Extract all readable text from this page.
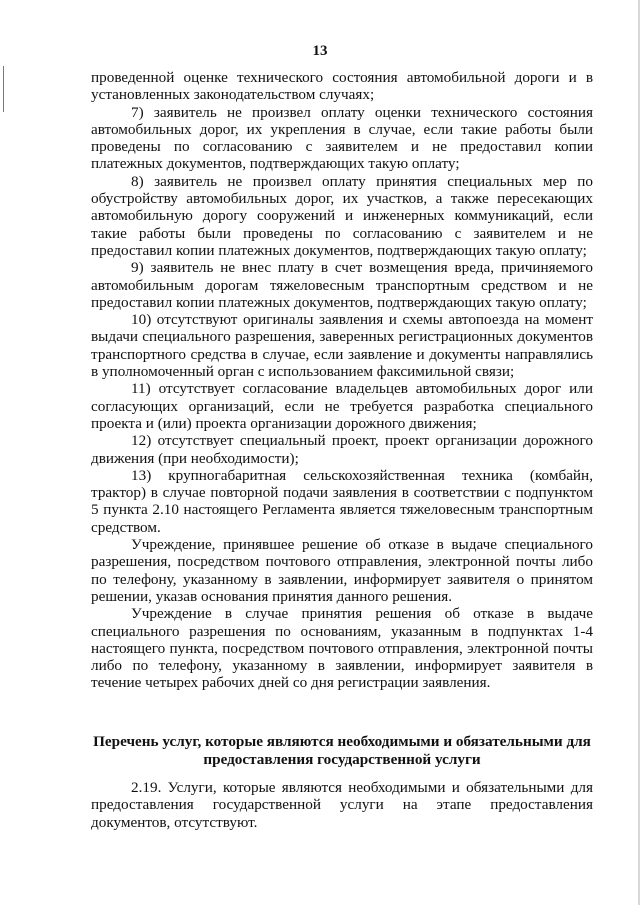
13

проведенной оценке технического состояния автомобильной дороги и в установленных законодательством случаях;

7) заявитель не произвел оплату оценки технического состояния автомобильных дорог, их укрепления в случае, если такие работы были проведены по согласованию с заявителем и не предоставил копии платежных документов, подтверждающих такую оплату;

8) заявитель не произвел оплату принятия специальных мер по обустройству автомобильных дорог, их участков, а также пересекающих автомобильную дорогу сооружений и инженерных коммуникаций, если такие работы были проведены по согласованию с заявителем и не предоставил копии платежных документов, подтверждающих такую оплату;

9) заявитель не внес плату в счет возмещения вреда, причиняемого автомобильным дорогам тяжеловесным транспортным средством и не предоставил копии платежных документов, подтверждающих такую оплату;

10) отсутствуют оригиналы заявления и схемы автопоезда на момент выдачи специального разрешения, заверенных регистрационных документов транспортного средства в случае, если заявление и документы направлялись в уполномоченный орган с использованием факсимильной связи;

11) отсутствует согласование владельцев автомобильных дорог или согласующих организаций, если не требуется разработка специального проекта и (или) проекта организации дорожного движения;

12) отсутствует специальный проект, проект организации дорожного движения (при необходимости);

13) крупногабаритная сельскохозяйственная техника (комбайн, трактор) в случае повторной подачи заявления в соответствии с подпунктом 5 пункта 2.10 настоящего Регламента является тяжеловесным транспортным средством.

Учреждение, принявшее решение об отказе в выдаче специального разрешения, посредством почтового отправления, электронной почты либо по телефону, указанному в заявлении, информирует заявителя о принятом решении, указав основания принятия данного решения.

Учреждение в случае принятия решения об отказе в выдаче специального разрешения по основаниям, указанным в подпунктах 1-4 настоящего пункта, посредством почтового отправления, электронной почты либо по телефону, указанному в заявлении, информирует заявителя в течение четырех рабочих дней со дня регистрации заявления.

Перечень услуг, которые являются необходимыми и обязательными для предоставления государственной услуги

2.19. Услуги, которые являются необходимыми и обязательными для предоставления государственной услуги на этапе предоставления документов, отсутствуют.
